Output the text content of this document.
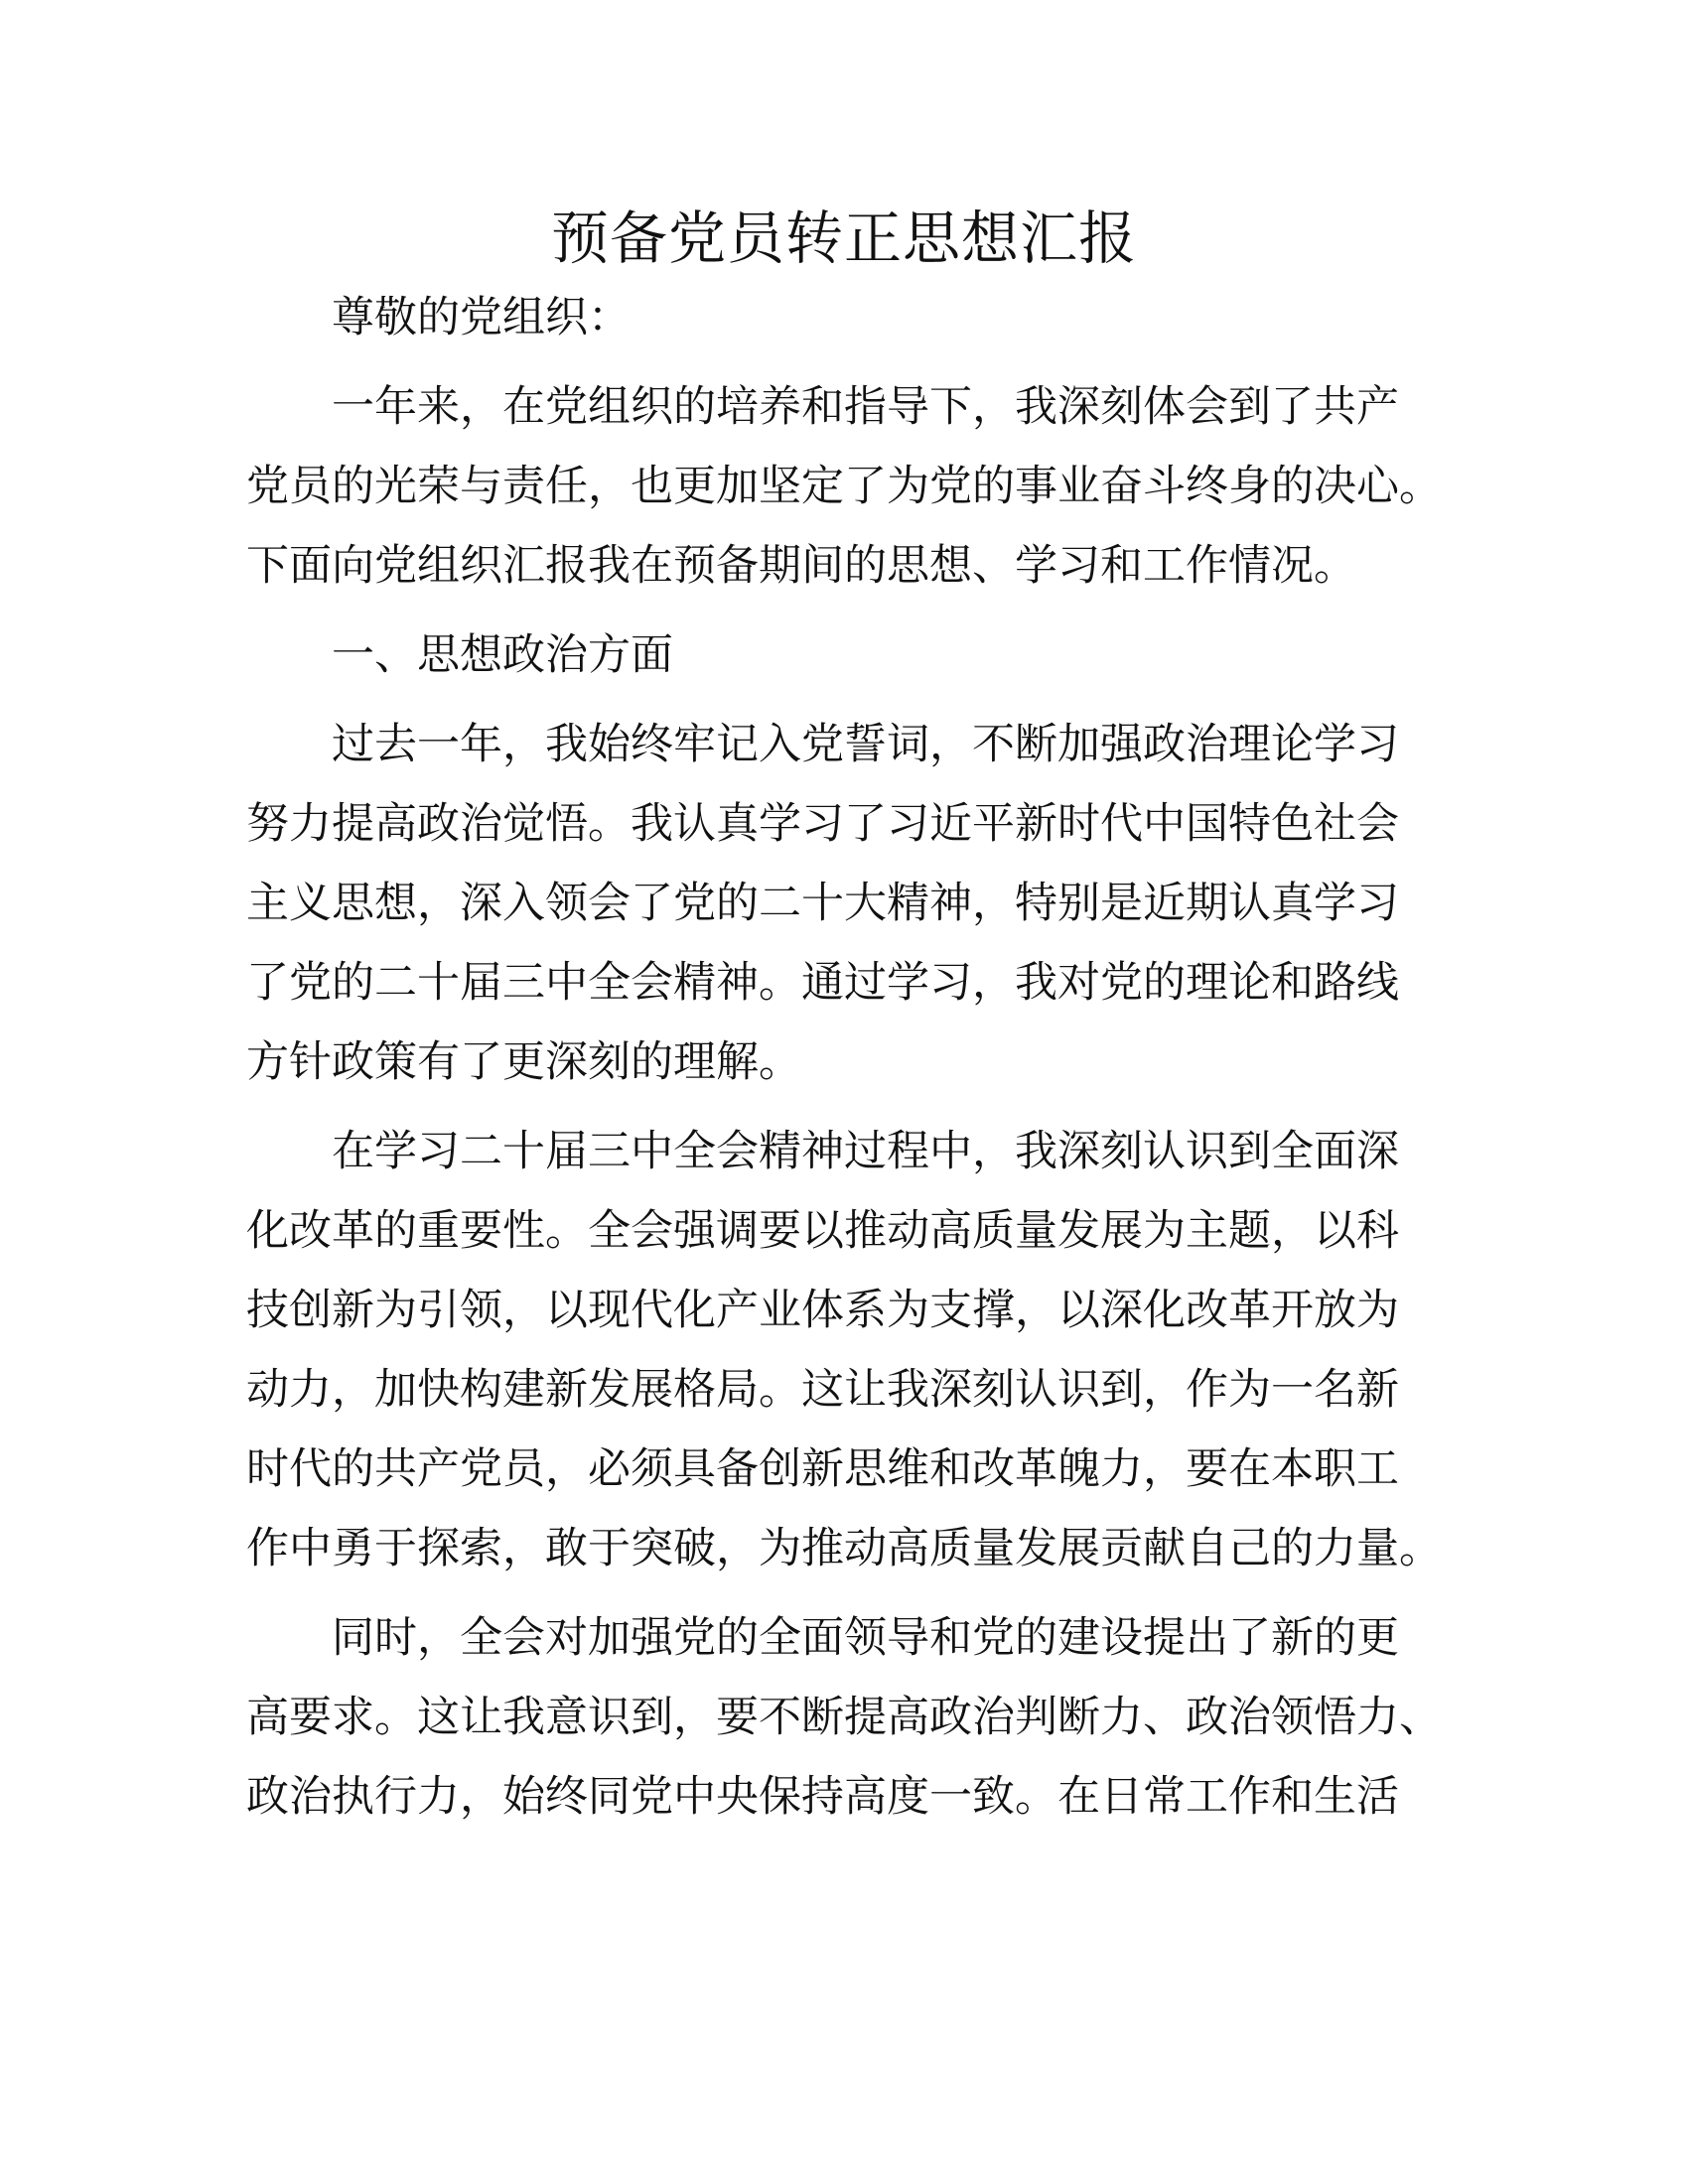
预备党员转正思想汇报

尊敬的党组织：

一年来，在党组织的培养和指导下，我深刻体会到了共产
党员的光荣与责任，也更加坚定了为党的事业奋斗终身的决心。
下面向党组织汇报我在预备期间的思想、学习和工作情况。

一、思想政治方面

过去一年，我始终牢记入党誓词，不断加强政治理论学习
努力提高政治觉悟。我认真学习了习近平新时代中国特色社会
主义思想，深入领会了党的二十大精神，特别是近期认真学习
了党的二十届三中全会精神。通过学习，我对党的理论和路线
方针政策有了更深刻的理解。

在学习二十届三中全会精神过程中，我深刻认识到全面深
化改革的重要性。全会强调要以推动高质量发展为主题，以科
技创新为引领，以现代化产业体系为支撑，以深化改革开放为
动力，加快构建新发展格局。这让我深刻认识到，作为一名新
时代的共产党员，必须具备创新思维和改革魄力，要在本职工
作中勇于探索，敢于突破，为推动高质量发展贡献自己的力量。

同时，全会对加强党的全面领导和党的建设提出了新的更
高要求。这让我意识到，要不断提高政治判断力、政治领悟力、
政治执行力，始终同党中央保持高度一致。在日常工作和生活
